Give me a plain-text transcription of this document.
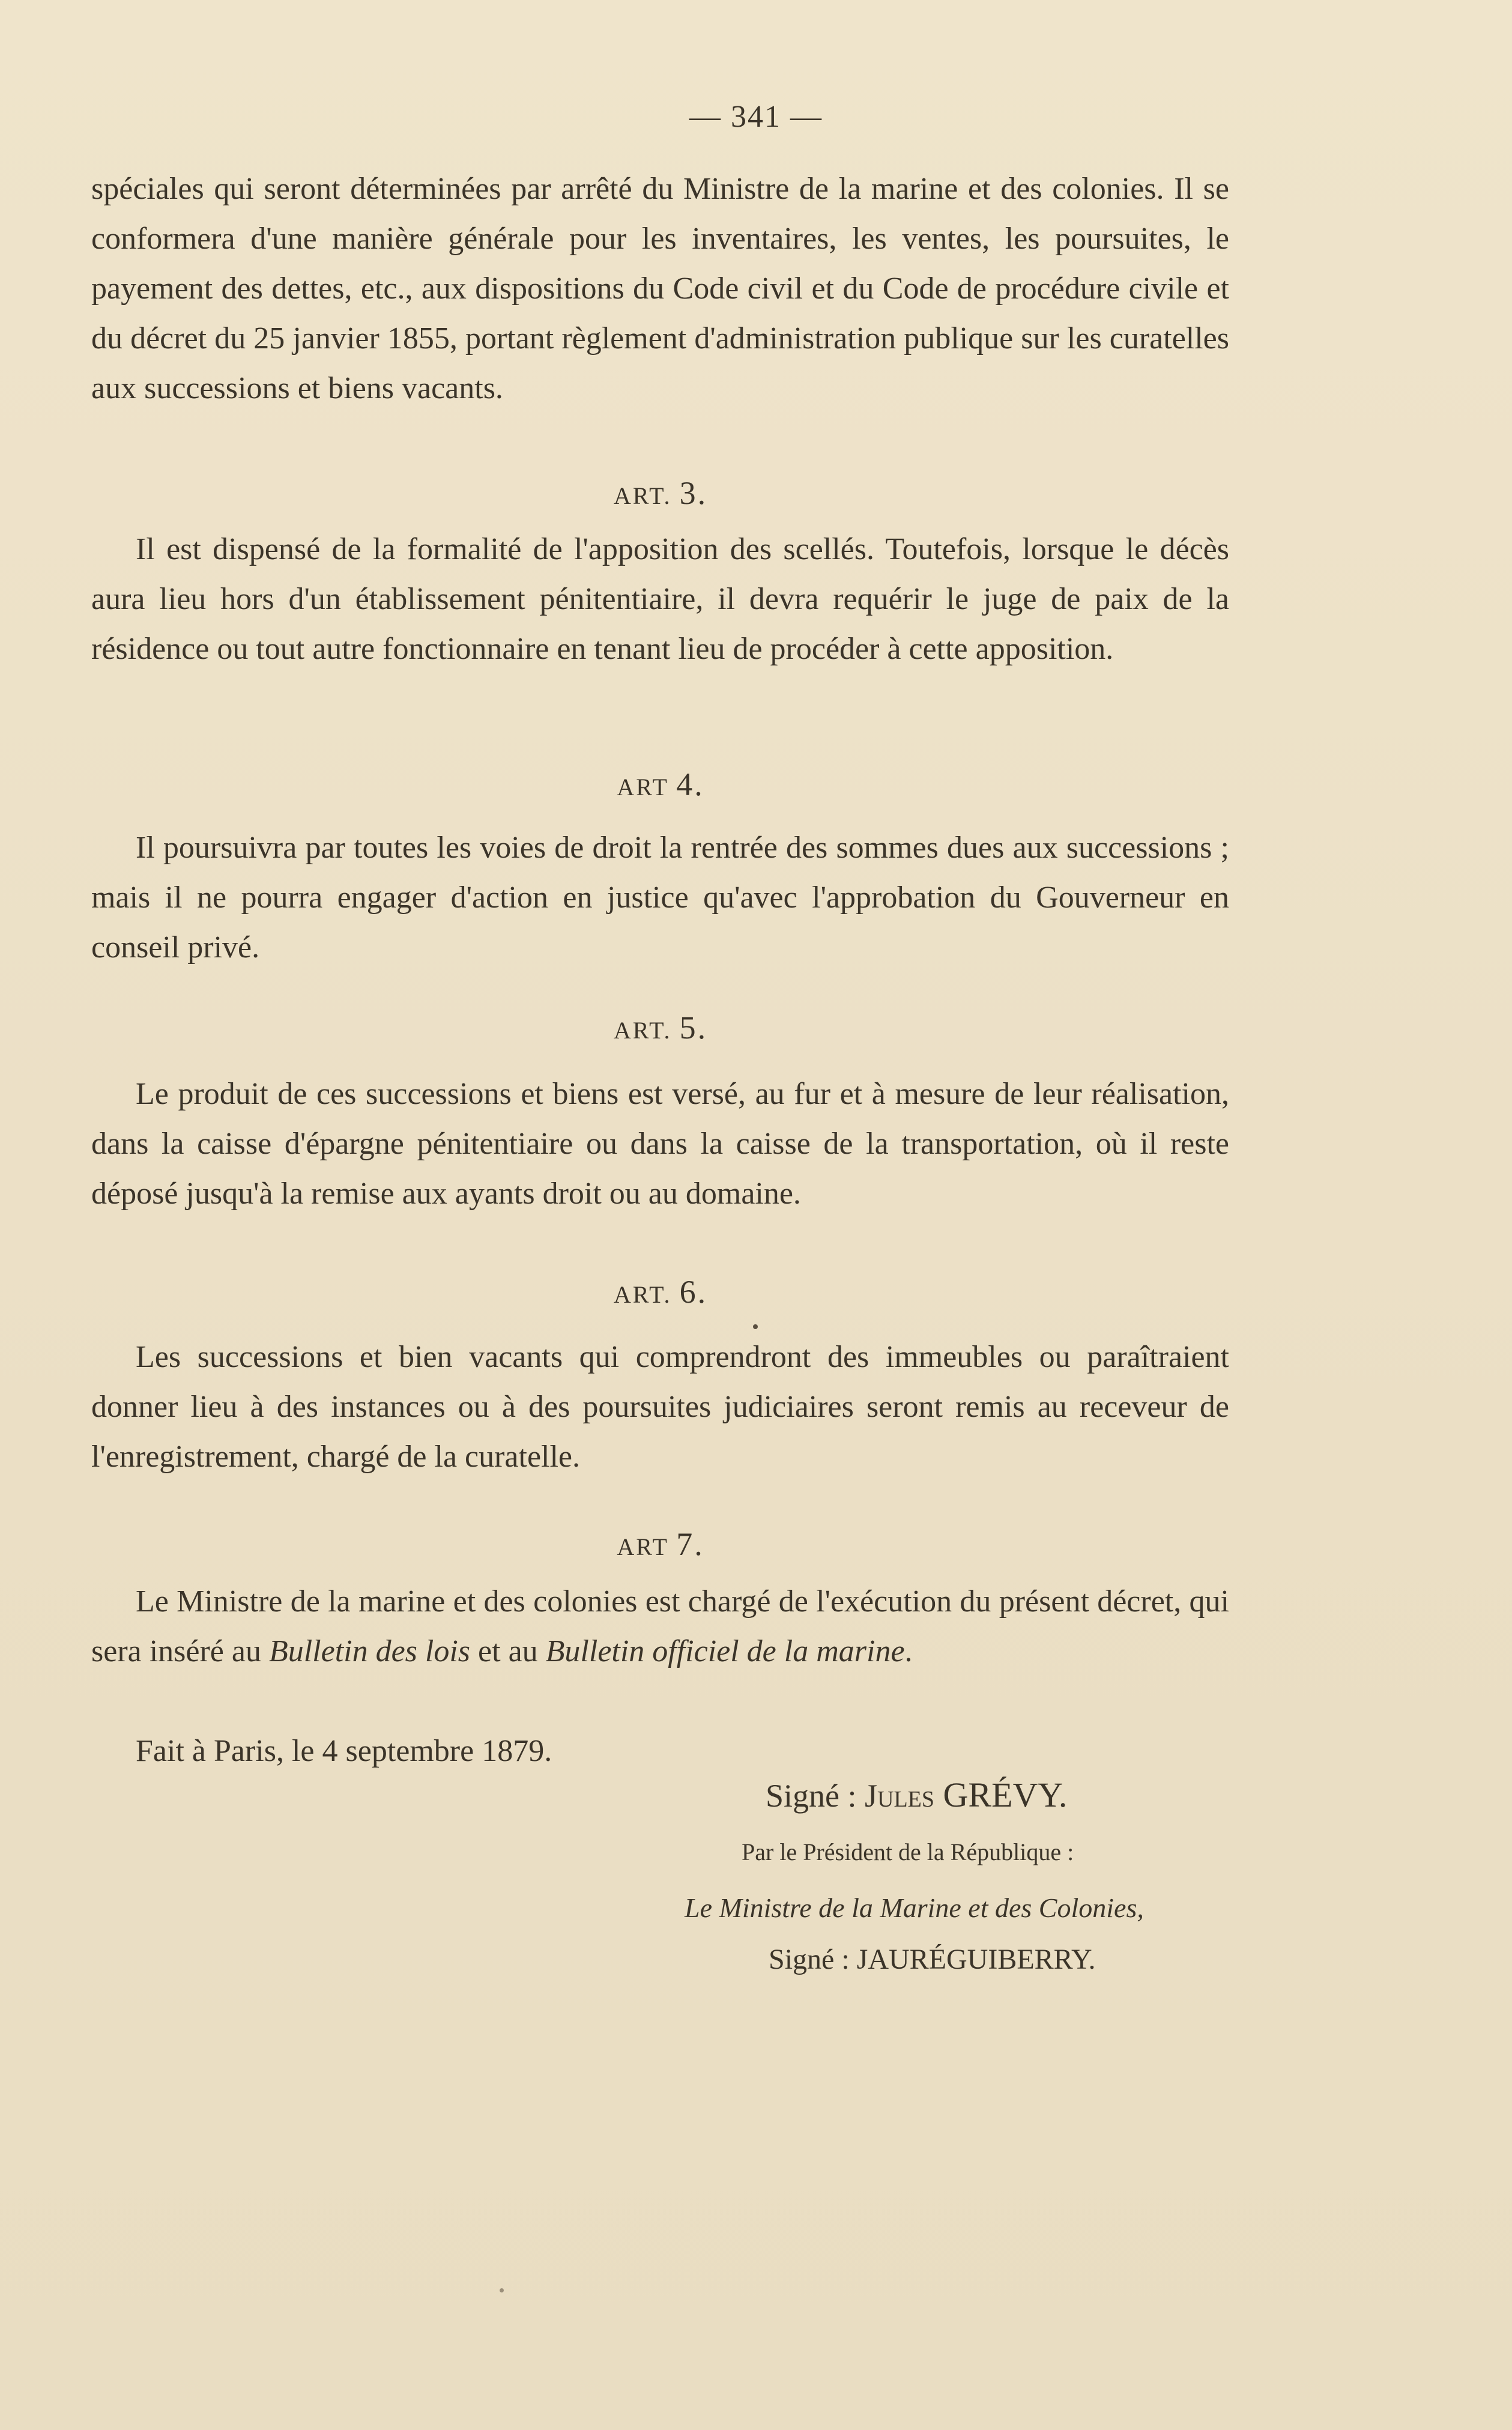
— 341 —

spéciales qui seront déterminées par arrêté du Ministre de la marine et des colonies. Il se conformera d'une manière générale pour les inventaires, les ventes, les poursuites, le payement des dettes, etc., aux dispositions du Code civil et du Code de procédure civile et du décret du 25 janvier 1855, portant règlement d'administration publique sur les curatelles aux successions et biens vacants.

ART. 3.

Il est dispensé de la formalité de l'apposition des scellés. Toutefois, lorsque le décès aura lieu hors d'un établissement pénitentiaire, il devra requérir le juge de paix de la résidence ou tout autre fonctionnaire en tenant lieu de procéder à cette apposition.

ART 4.

Il poursuivra par toutes les voies de droit la rentrée des sommes dues aux successions ; mais il ne pourra engager d'action en justice qu'avec l'approbation du Gouverneur en conseil privé.

ART. 5.

Le produit de ces successions et biens est versé, au fur et à mesure de leur réalisation, dans la caisse d'épargne pénitentiaire ou dans la caisse de la transportation, où il reste déposé jusqu'à la remise aux ayants droit ou au domaine.

ART. 6.

Les successions et bien vacants qui comprendront des immeubles ou paraîtraient donner lieu à des instances ou à des poursuites judiciaires seront remis au receveur de l'enregistrement, chargé de la curatelle.

ART 7.

Le Ministre de la marine et des colonies est chargé de l'exécution du présent décret, qui sera inséré au Bulletin des lois et au Bulletin officiel de la marine.

Fait à Paris, le 4 septembre 1879.

Signé : Jules GRÉVY.
Par le Président de la République :
Le Ministre de la Marine et des Colonies,
Signé : JAURÉGUIBERRY.
